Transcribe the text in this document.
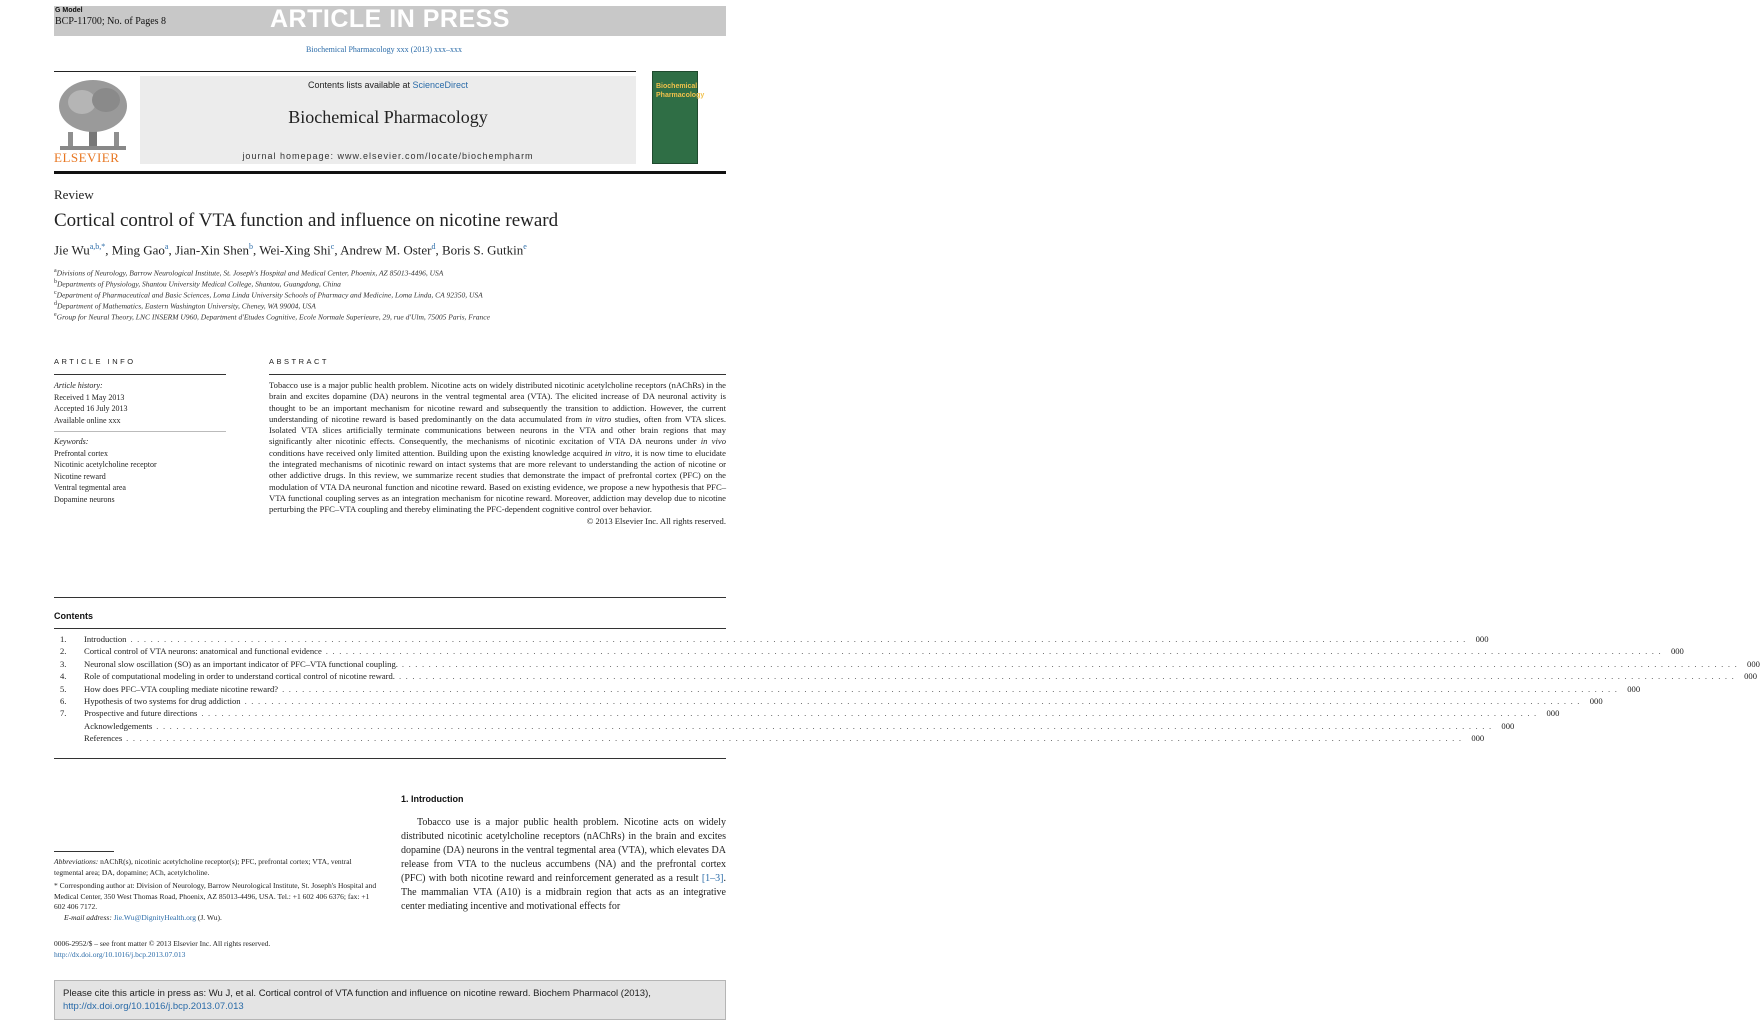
G Model
BCP-11700; No. of Pages 8	ARTICLE IN PRESS
Biochemical Pharmacology xxx (2013) xxx–xxx
ELSEVIER
Contents lists available at ScienceDirect
Biochemical Pharmacology
journal homepage: www.elsevier.com/locate/biochempharm
Biochemical
Pharmacology
Review
Cortical control of VTA function and influence on nicotine reward
Jie $Wu^{a,b,*}$, Ming Gao$^a$, Jian-Xin Shen$^b$, Wei-Xing Shi$^c$, Andrew M. Oster$^d$, Boris S. Gutkin$^e$
$^a$Divisions of Neurology, Barrow Neurological Institute, St. Joseph's Hospital and Medical Center, Phoenix, AZ 85013-4496, USA
$^b$Departments of Physiology, Shantou University Medical College, Shantou, Guangdong, China
$^c$Department of Pharmaceutical and Basic Sciences, Loma Linda University Schools of Pharmacy and Medicine, Loma Linda, CA 92350, USA
$^d$Department of Mathematics, Eastern Washington University, Cheney, WA 99004, USA
$^e$Group for Neural Theory, LNC INSERM U960, Department d'Etudes Cognitive, Ecole Normale Superieure, 29, rue d'Ulm, 75005 Paris, France
ARTICLE INFO	ABSTRACT
Article history:
Received 1 May 2013
Accepted 16 July 2013
Available online xxx
Keywords:
Prefrontal cortex
Nicotinic acetylcholine receptor
Nicotine reward
Ventral tegmental area
Dopamine neurons
Tobacco use is a major public health problem. Nicotine acts on widely distributed nicotinic acetylcholine receptors (nAChRs) in the brain and excites dopamine (DA) neurons in the ventral tegmental area (VTA). The elicited increase of DA neuronal activity is thought to be an important mechanism for nicotine reward and subsequently the transition to addiction. However, the current understanding of nicotine reward is based predominantly on the data accumulated from in vitro studies, often from VTA slices. Isolated VTA slices artificially terminate communications between neurons in the VTA and other brain regions that may significantly alter nicotinic effects. Consequently, the mechanisms of nicotinic excitation of VTA DA neurons under in vivo conditions have received only limited attention. Building upon the existing knowledge acquired in vitro, it is now time to elucidate the integrated mechanisms of nicotinic reward on intact systems that are more relevant to understanding the action of nicotine or other addictive drugs. In this review, we summarize recent studies that demonstrate the impact of prefrontal cortex (PFC) on the modulation of VTA DA neuronal function and nicotine reward. Based on existing evidence, we propose a new hypothesis that PFC–VTA functional coupling serves as an integration mechanism for nicotine reward. Moreover, addiction may develop due to nicotine perturbing the PFC–VTA coupling and thereby eliminating the PFC-dependent cognitive control over behavior.
© 2013 Elsevier Inc. All rights reserved.
Contents
1.	Introduction . . . . . . . . . . . . . . . . . . . . . . . . . . . . . . . . . . . . . . . . . . . . . . . . . . . . . . . . . . . . . . . . . . . . . . . . . . . . . . . . . . . . . . . . . . . . . . . . . . . . . . . . . . . . . . . . . . . . . . . . . . . . . . . . . . . . . . . . . . . . . . . . . . . . . . . . . . . . . . . . . . . . . . . . . . . . . . . . . . . . . . . . . . . . . . . . . . . . . . . .	000
2.	Cortical control of VTA neurons: anatomical and functional evidence . . . . . . . . . . . . . . . . . . . . . . . . . . . . . . . . . . . . . . . . . . . . . . . . . . . . . . . . . . . . . . . . . . . . . . . . . . . . . . . . . . . . . . . . . . . . . . . . . . . . . . . . . . . . . . . . . . . . . . . . . . . . . . . . . . . . . . . . . . . . . . . . . . . . . . . . . . . . . . . . . . . . . . . . . . . . . . . . . . . . . . . . . . . . . . . . . . . . . . . .	000
3.	Neuronal slow oscillation (SO) as an important indicator of PFC–VTA functional coupling. . . . . . . . . . . . . . . . . . . . . . . . . . . . . . . . . . . . . . . . . . . . . . . . . . . . . . . . . . . . . . . . . . . . . . . . . . . . . . . . . . . . . . . . . . . . . . . . . . . . . . . . . . . . . . . . . . . . . . . . . . . . . . . . . . . . . . . . . . . . . . . . . . . . . . . . . . . . . . . . . . . . . . . . . . . . . . . . . . . . . . . . . . . . . . . . . . . . . . . . .	000
4.	Role of computational modeling in order to understand cortical control of nicotine reward. . . . . . . . . . . . . . . . . . . . . . . . . . . . . . . . . . . . . . . . . . . . . . . . . . . . . . . . . . . . . . . . . . . . . . . . . . . . . . . . . . . . . . . . . . . . . . . . . . . . . . . . . . . . . . . . . . . . . . . . . . . . . . . . . . . . . . . . . . . . . . . . . . . . . . . . . . . . . . . . . . . . . . . . . . . . . . . . . . . . . . . . . . . . . . . . . . . . . . . . .	000
5.	How does PFC–VTA coupling mediate nicotine reward? . . . . . . . . . . . . . . . . . . . . . . . . . . . . . . . . . . . . . . . . . . . . . . . . . . . . . . . . . . . . . . . . . . . . . . . . . . . . . . . . . . . . . . . . . . . . . . . . . . . . . . . . . . . . . . . . . . . . . . . . . . . . . . . . . . . . . . . . . . . . . . . . . . . . . . . . . . . . . . . . . . . . . . . . . . . . . . . . . . . . . . . . . . . . . . . . . . . . . . . .	000
6.	Hypothesis of two systems for drug addiction . . . . . . . . . . . . . . . . . . . . . . . . . . . . . . . . . . . . . . . . . . . . . . . . . . . . . . . . . . . . . . . . . . . . . . . . . . . . . . . . . . . . . . . . . . . . . . . . . . . . . . . . . . . . . . . . . . . . . . . . . . . . . . . . . . . . . . . . . . . . . . . . . . . . . . . . . . . . . . . . . . . . . . . . . . . . . . . . . . . . . . . . . . . . . . . . . . . . . . . .	000
7.	Prospective and future directions . . . . . . . . . . . . . . . . . . . . . . . . . . . . . . . . . . . . . . . . . . . . . . . . . . . . . . . . . . . . . . . . . . . . . . . . . . . . . . . . . . . . . . . . . . . . . . . . . . . . . . . . . . . . . . . . . . . . . . . . . . . . . . . . . . . . . . . . . . . . . . . . . . . . . . . . . . . . . . . . . . . . . . . . . . . . . . . . . . . . . . . . . . . . . . . . . . . . . . . .	000
Acknowledgements . . . . . . . . . . . . . . . . . . . . . . . . . . . . . . . . . . . . . . . . . . . . . . . . . . . . . . . . . . . . . . . . . . . . . . . . . . . . . . . . . . . . . . . . . . . . . . . . . . . . . . . . . . . . . . . . . . . . . . . . . . . . . . . . . . . . . . . . . . . . . . . . . . . . . . . . . . . . . . . . . . . . . . . . . . . . . . . . . . . . . . . . . . . . . . . . . . . . . . . .	000
References . . . . . . . . . . . . . . . . . . . . . . . . . . . . . . . . . . . . . . . . . . . . . . . . . . . . . . . . . . . . . . . . . . . . . . . . . . . . . . . . . . . . . . . . . . . . . . . . . . . . . . . . . . . . . . . . . . . . . . . . . . . . . . . . . . . . . . . . . . . . . . . . . . . . . . . . . . . . . . . . . . . . . . . . . . . . . . . . . . . . . . . . . . . . . . . . . . . . . . . .	000
1. Introduction
Tobacco use is a major public health problem. Nicotine acts on widely distributed nicotinic acetylcholine receptors (nAChRs) in the brain and excites dopamine (DA) neurons in the ventral tegmental area (VTA), which elevates DA release from VTA to the nucleus accumbens (NA) and the prefrontal cortex (PFC) with both nicotine reward and reinforcement generated as a result [1–3]. The mammalian VTA (A10) is a midbrain region that acts as an integrative center mediating incentive and motivational effects for
Abbreviations: nAChR(s), nicotinic acetylcholine receptor(s); PFC, prefrontal cortex; VTA, ventral tegmental area; DA, dopamine; ACh, acetylcholine.
* Corresponding author at: Division of Neurology, Barrow Neurological Institute, St. Joseph's Hospital and Medical Center, 350 West Thomas Road, Phoenix, AZ 85013-4496, USA. Tel.: +1 602 406 6376; fax: +1 602 406 7172.
E-mail address: Jie.Wu@DignityHealth.org (J. Wu).
0006-2952/$ – see front matter © 2013 Elsevier Inc. All rights reserved.
http://dx.doi.org/10.1016/j.bcp.2013.07.013
Please cite this article in press as: Wu J, et al. Cortical control of VTA function and influence on nicotine reward. Biochem Pharmacol (2013), http://dx.doi.org/10.1016/j.bcp.2013.07.013
